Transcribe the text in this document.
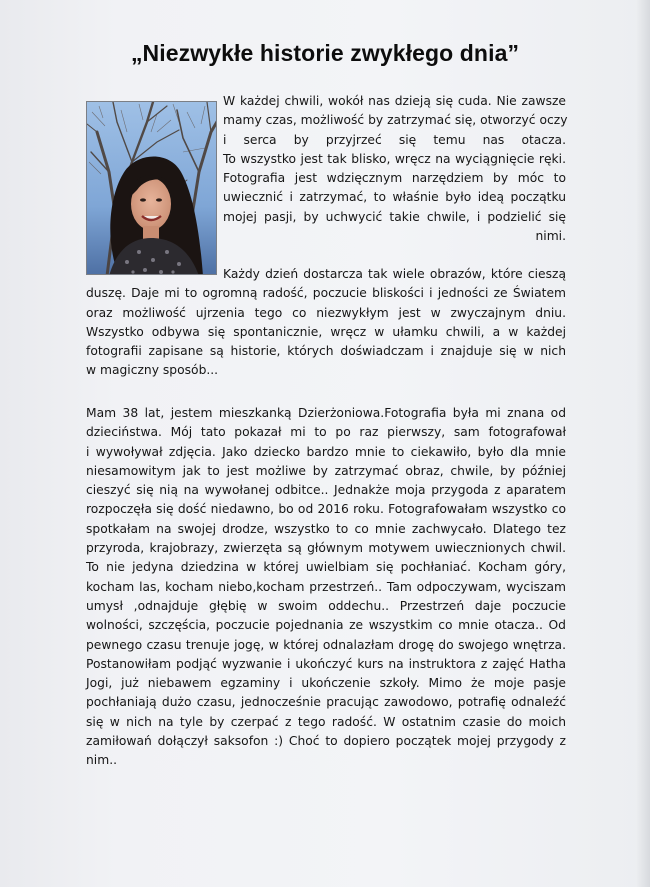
„Niezwykłe historie zwykłego dnia”
W każdej chwili, wokół nas dzieją się cuda. Nie zawsze
mamy czas, możliwość by zatrzymać się, otworzyć oczy
i serca by przyjrzeć się temu nas otacza.
To wszystko jest tak blisko, wręcz na wyciągnięcie ręki.
Fotografia jest wdzięcznym narzędziem by móc to
uwiecznić i zatrzymać, to właśnie było ideą początku
mojej pasji, by uchwycić takie chwile, i podzielić się
nimi.
Każdy dzień dostarcza tak wiele obrazów, które cieszą
duszę. Daje mi to ogromną radość, poczucie bliskości i jedności ze Światem
oraz możliwość ujrzenia tego co niezwykłym jest w zwyczajnym dniu.
Wszystko odbywa się spontanicznie, wręcz w ułamku chwili, a w każdej
fotografii zapisane są historie, których doświadczam i znajduje się w nich
w magiczny sposób...
Mam 38 lat, jestem mieszkanką Dzierżoniowa.Fotografia była mi znana od
dzieciństwa. Mój tato pokazał mi to po raz pierwszy, sam fotografował
i wywoływał zdjęcia. Jako dziecko bardzo mnie to ciekawiło, było dla mnie
niesamowitym jak to jest możliwe by zatrzymać obraz, chwile, by później
cieszyć się nią na wywołanej odbitce.. Jednakże moja przygoda z aparatem
rozpoczęła się dość niedawno, bo od 2016 roku. Fotografowałam wszystko co
spotkałam na swojej drodze, wszystko to co mnie zachwycało. Dlatego tez
przyroda, krajobrazy, zwierzęta są głównym motywem uwiecznionych chwil.
To nie jedyna dziedzina w której uwielbiam się pochłaniać. Kocham góry,
kocham las, kocham niebo,kocham przestrzeń.. Tam odpoczywam, wyciszam
umysł ,odnajduje głębię w swoim oddechu.. Przestrzeń daje poczucie
wolności, szczęścia, poczucie pojednania ze wszystkim co mnie otacza.. Od
pewnego czasu trenuje jogę, w której odnalazłam drogę do swojego wnętrza.
Postanowiłam podjąć wyzwanie i ukończyć kurs na instruktora z zajęć Hatha
Jogi, już niebawem egzaminy i ukończenie szkoły. Mimo że moje pasje
pochłaniają dużo czasu, jednocześnie pracując zawodowo, potrafię odnaleźć
się w nich na tyle by czerpać z tego radość. W ostatnim czasie do moich
zamiłowań dołączył saksofon :) Choć to dopiero początek mojej przygody z
nim..
